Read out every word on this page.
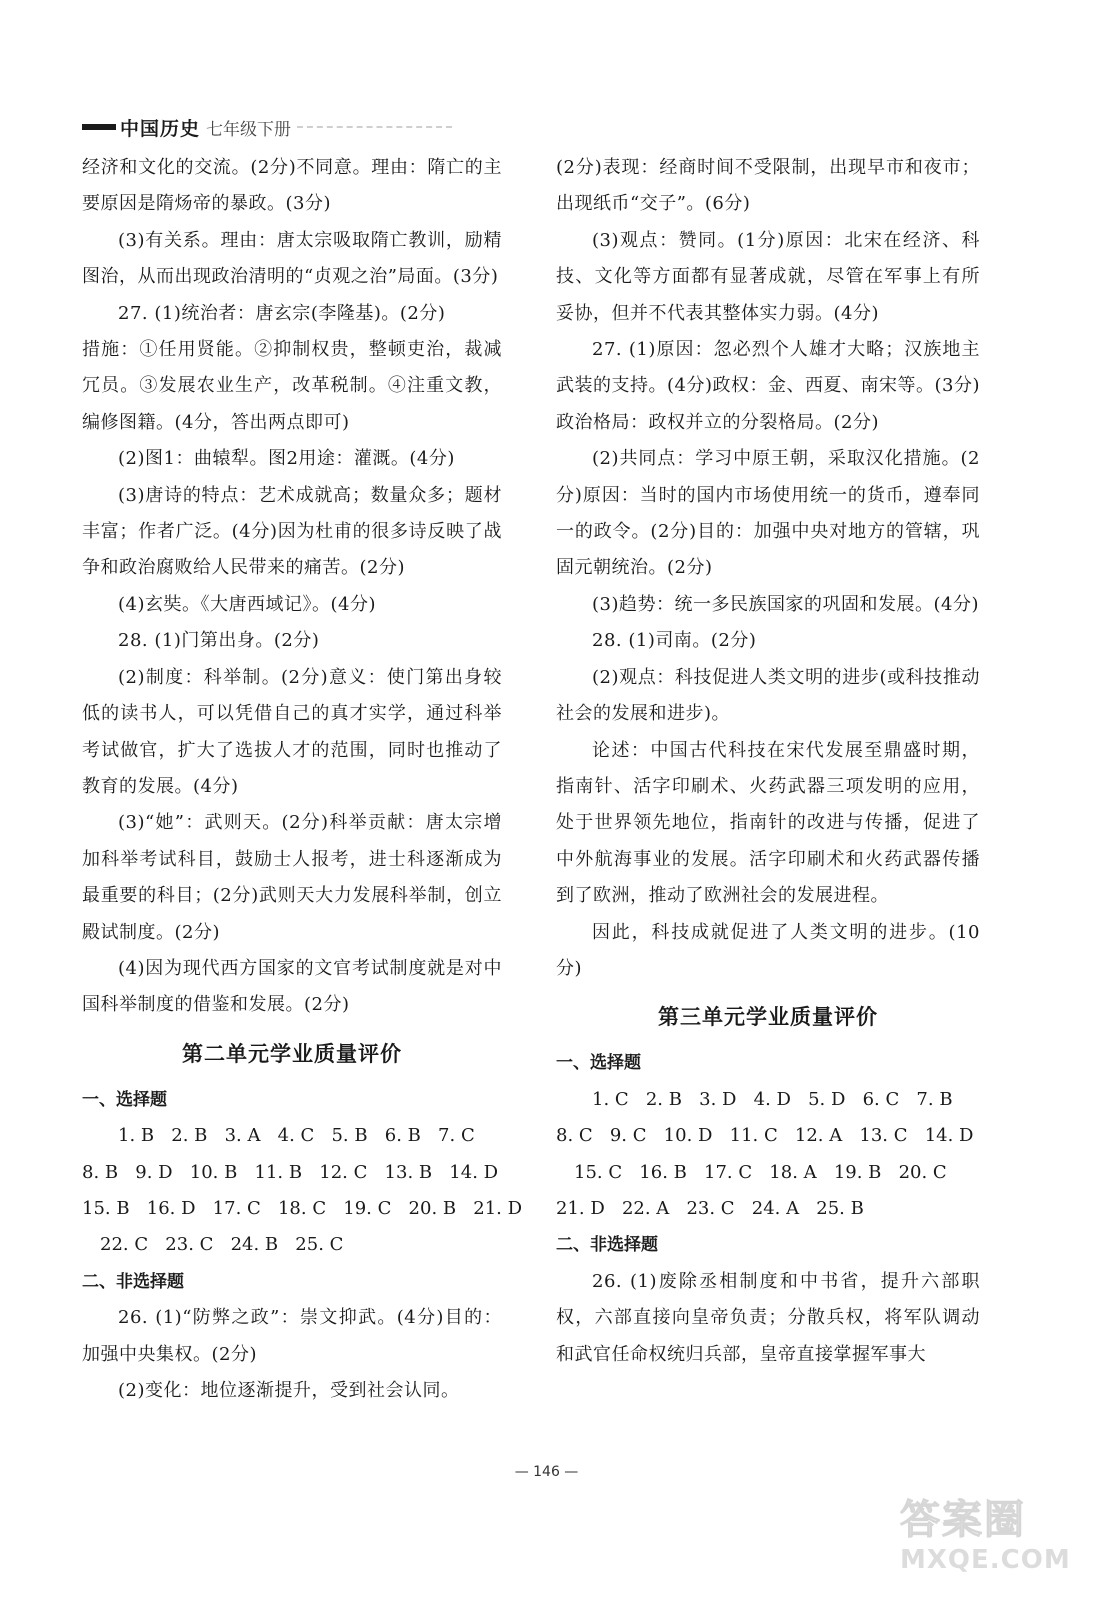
中国历史 七年级下册

经济和文化的交流。(2分)不同意。理由：隋亡的主要原因是隋炀帝的暴政。(3分)

(3)有关系。理由：唐太宗吸取隋亡教训，励精图治，从而出现政治清明的“贞观之治”局面。(3分)

27. (1)统治者：唐玄宗(李隆基)。(2分)

措施：①任用贤能。②抑制权贵，整顿吏治，裁减冗员。③发展农业生产，改革税制。④注重文教，编修图籍。(4分，答出两点即可)

(2)图1：曲辕犁。图2用途：灌溉。(4分)

(3)唐诗的特点：艺术成就高；数量众多；题材丰富；作者广泛。(4分)因为杜甫的很多诗反映了战争和政治腐败给人民带来的痛苦。(2分)

(4)玄奘。《大唐西域记》。(4分)

28. (1)门第出身。(2分)

(2)制度：科举制。(2分)意义：使门第出身较低的读书人，可以凭借自己的真才实学，通过科举考试做官，扩大了选拔人才的范围，同时也推动了教育的发展。(4分)

(3)“她”：武则天。(2分)科举贡献：唐太宗增加科举考试科目，鼓励士人报考，进士科逐渐成为最重要的科目；(2分)武则天大力发展科举制，创立殿试制度。(2分)

(4)因为现代西方国家的文官考试制度就是对中国科举制度的借鉴和发展。(2分)

第二单元学业质量评价

一、选择题

1. B   2. B   3. A   4. C   5. B   6. B   7. C

8. B   9. D   10. B   11. B   12. C   13. B   14. D

15. B   16. D   17. C   18. C   19. C   20. B   21. D

22. C   23. C   24. B   25. C

二、非选择题

26. (1)“防弊之政”：崇文抑武。(4分)目的：加强中央集权。(2分)

(2)变化：地位逐渐提升，受到社会认同。

(2分)表现：经商时间不受限制，出现早市和夜市；出现纸币“交子”。(6分)

(3)观点：赞同。(1分)原因：北宋在经济、科技、文化等方面都有显著成就，尽管在军事上有所妥协，但并不代表其整体实力弱。(4分)

27. (1)原因：忽必烈个人雄才大略；汉族地主武装的支持。(4分)政权：金、西夏、南宋等。(3分)政治格局：政权并立的分裂格局。(2分)

(2)共同点：学习中原王朝，采取汉化措施。(2分)原因：当时的国内市场使用统一的货币，遵奉同一的政令。(2分)目的：加强中央对地方的管辖，巩固元朝统治。(2分)

(3)趋势：统一多民族国家的巩固和发展。(4分)

28. (1)司南。(2分)

(2)观点：科技促进人类文明的进步(或科技推动社会的发展和进步)。

论述：中国古代科技在宋代发展至鼎盛时期，指南针、活字印刷术、火药武器三项发明的应用，处于世界领先地位，指南针的改进与传播，促进了中外航海事业的发展。活字印刷术和火药武器传播到了欧洲，推动了欧洲社会的发展进程。

因此，科技成就促进了人类文明的进步。(10分)

第三单元学业质量评价

一、选择题

1. C   2. B   3. D   4. D   5. D   6. C   7. B

8. C   9. C   10. D   11. C   12. A   13. C   14. D

15. C   16. B   17. C   18. A   19. B   20. C

21. D   22. A   23. C   24. A   25. B

二、非选择题

26. (1)废除丞相制度和中书省，提升六部职权，六部直接向皇帝负责；分散兵权，将军队调动和武官任命权统归兵部，皇帝直接掌握军事大

— 146 —
答案圈
MXQE.COM
